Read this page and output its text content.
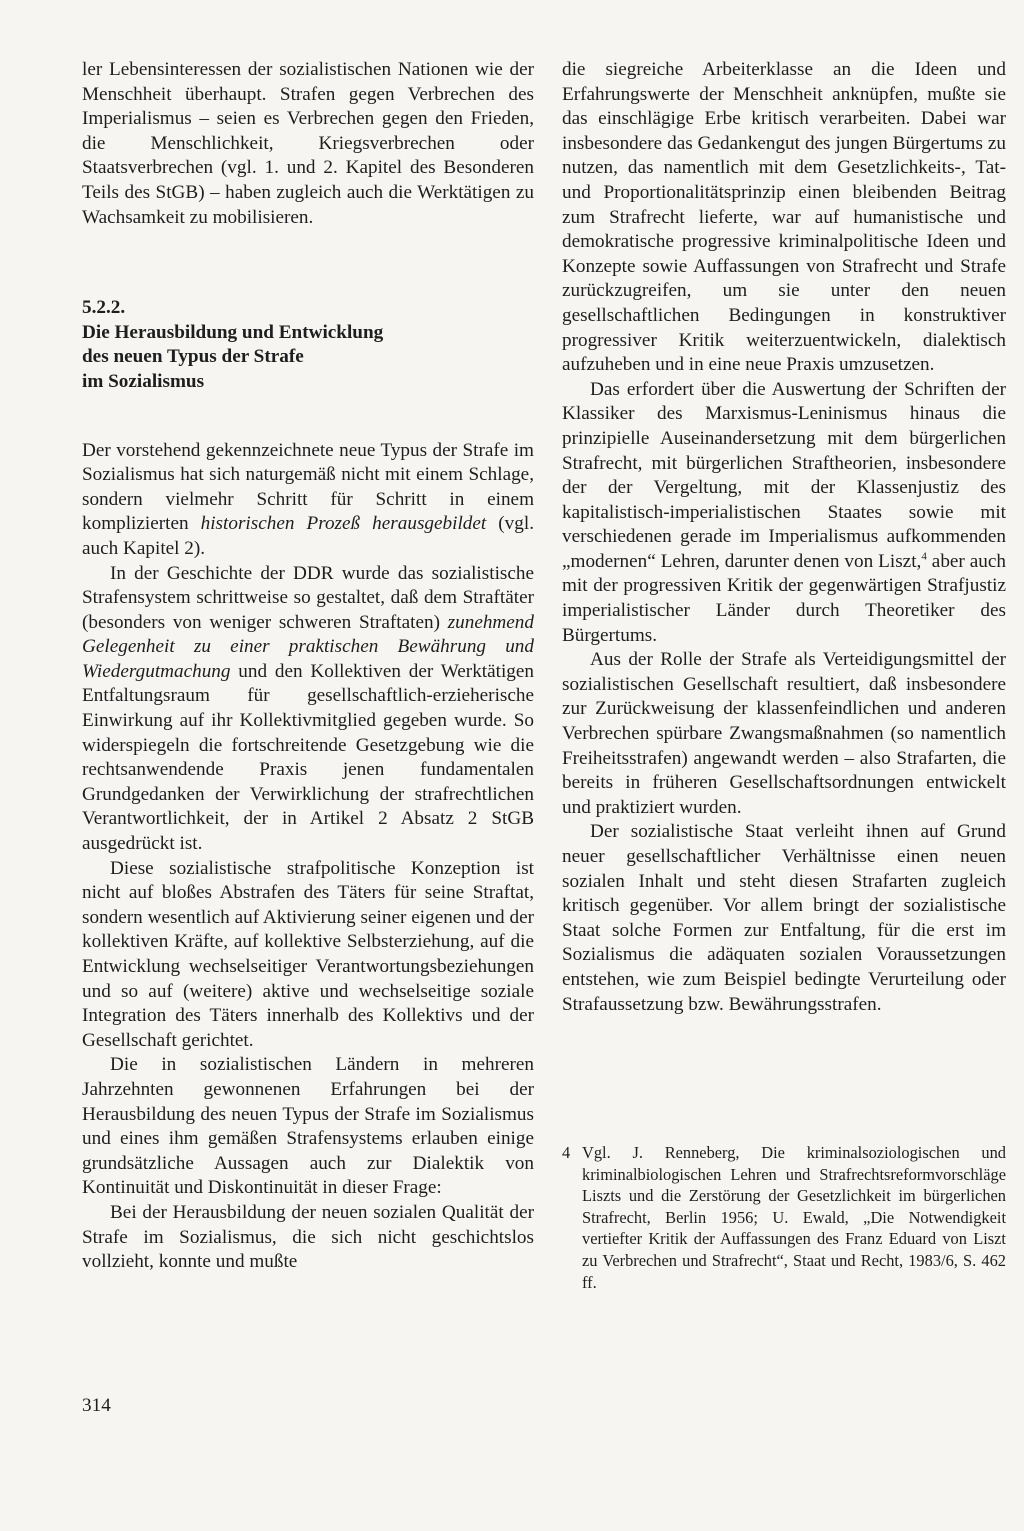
ler Lebensinteressen der sozialistischen Nationen wie der Menschheit überhaupt. Strafen gegen Verbrechen des Imperialismus – seien es Verbrechen gegen den Frieden, die Menschlichkeit, Kriegsverbrechen oder Staatsverbrechen (vgl. 1. und 2. Kapitel des Besonderen Teils des StGB) – haben zugleich auch die Werktätigen zu Wachsamkeit zu mobilisieren.

5.2.2.

Die Herausbildung und Entwicklung

des neuen Typus der Strafe

im Sozialismus

Der vorstehend gekennzeichnete neue Typus der Strafe im Sozialismus hat sich naturgemäß nicht mit einem Schlage, sondern vielmehr Schritt für Schritt in einem komplizierten historischen Prozeß herausgebildet (vgl. auch Kapitel 2).

In der Geschichte der DDR wurde das sozialistische Strafensystem schrittweise so gestaltet, daß dem Straftäter (besonders von weniger schweren Straftaten) zunehmend Gelegenheit zu einer praktischen Bewährung und Wiedergutmachung und den Kollektiven der Werktätigen Entfaltungsraum für gesellschaftlich-erzieherische Einwirkung auf ihr Kollektivmitglied gegeben wurde. So widerspiegeln die fortschreitende Gesetzgebung wie die rechtsanwendende Praxis jenen fundamentalen Grundgedanken der Verwirklichung der strafrechtlichen Verantwortlichkeit, der in Artikel 2 Absatz 2 StGB ausgedrückt ist.

Diese sozialistische strafpolitische Konzeption ist nicht auf bloßes Abstrafen des Täters für seine Straftat, sondern wesentlich auf Aktivierung seiner eigenen und der kollektiven Kräfte, auf kollektive Selbsterziehung, auf die Entwicklung wechselseitiger Verantwortungsbeziehungen und so auf (weitere) aktive und wechselseitige soziale Integration des Täters innerhalb des Kollektivs und der Gesellschaft gerichtet.

Die in sozialistischen Ländern in mehreren Jahrzehnten gewonnenen Erfahrungen bei der Herausbildung des neuen Typus der Strafe im Sozialismus und eines ihm gemäßen Strafensystems erlauben einige grundsätzliche Aussagen auch zur Dialektik von Kontinuität und Diskontinuität in dieser Frage:

Bei der Herausbildung der neuen sozialen Qualität der Strafe im Sozialismus, die sich nicht geschichtslos vollzieht, konnte und mußte

die siegreiche Arbeiterklasse an die Ideen und Erfahrungswerte der Menschheit anknüpfen, mußte sie das einschlägige Erbe kritisch verarbeiten. Dabei war insbesondere das Gedankengut des jungen Bürgertums zu nutzen, das namentlich mit dem Gesetzlichkeits-, Tat- und Proportionalitätsprinzip einen bleibenden Beitrag zum Strafrecht lieferte, war auf humanistische und demokratische progressive kriminalpolitische Ideen und Konzepte sowie Auffassungen von Strafrecht und Strafe zurückzugreifen, um sie unter den neuen gesellschaftlichen Bedingungen in konstruktiver progressiver Kritik weiterzuentwickeln, dialektisch aufzuheben und in eine neue Praxis umzusetzen.

Das erfordert über die Auswertung der Schriften der Klassiker des Marxismus-Leninismus hinaus die prinzipielle Auseinandersetzung mit dem bürgerlichen Strafrecht, mit bürgerlichen Straftheorien, insbesondere der der Vergeltung, mit der Klassenjustiz des kapitalistisch-imperialistischen Staates sowie mit verschiedenen gerade im Imperialismus aufkommenden „modernen“ Lehren, darunter denen von Liszt,$^4$ aber auch mit der progressiven Kritik der gegenwärtigen Strafjustiz imperialistischer Länder durch Theoretiker des Bürgertums.

Aus der Rolle der Strafe als Verteidigungsmittel der sozialistischen Gesellschaft resultiert, daß insbesondere zur Zurückweisung der klassenfeindlichen und anderen Verbrechen spürbare Zwangsmaßnahmen (so namentlich Freiheitsstrafen) angewandt werden – also Strafarten, die bereits in früheren Gesellschaftsordnungen entwickelt und praktiziert wurden.

Der sozialistische Staat verleiht ihnen auf Grund neuer gesellschaftlicher Verhältnisse einen neuen sozialen Inhalt und steht diesen Strafarten zugleich kritisch gegenüber. Vor allem bringt der sozialistische Staat solche Formen zur Entfaltung, für die erst im Sozialismus die adäquaten sozialen Voraussetzungen entstehen, wie zum Beispiel bedingte Verurteilung oder Strafaussetzung bzw. Bewährungsstrafen.

4 Vgl. J. Renneberg, Die kriminalsoziologischen und kriminalbiologischen Lehren und Strafrechtsreformvorschläge Liszts und die Zerstörung der Gesetzlichkeit im bürgerlichen Strafrecht, Berlin 1956; U. Ewald, „Die Notwendigkeit vertiefter Kritik der Auffassungen des Franz Eduard von Liszt zu Verbrechen und Strafrecht“, Staat und Recht, 1983/6, S. 462 ff.
314
